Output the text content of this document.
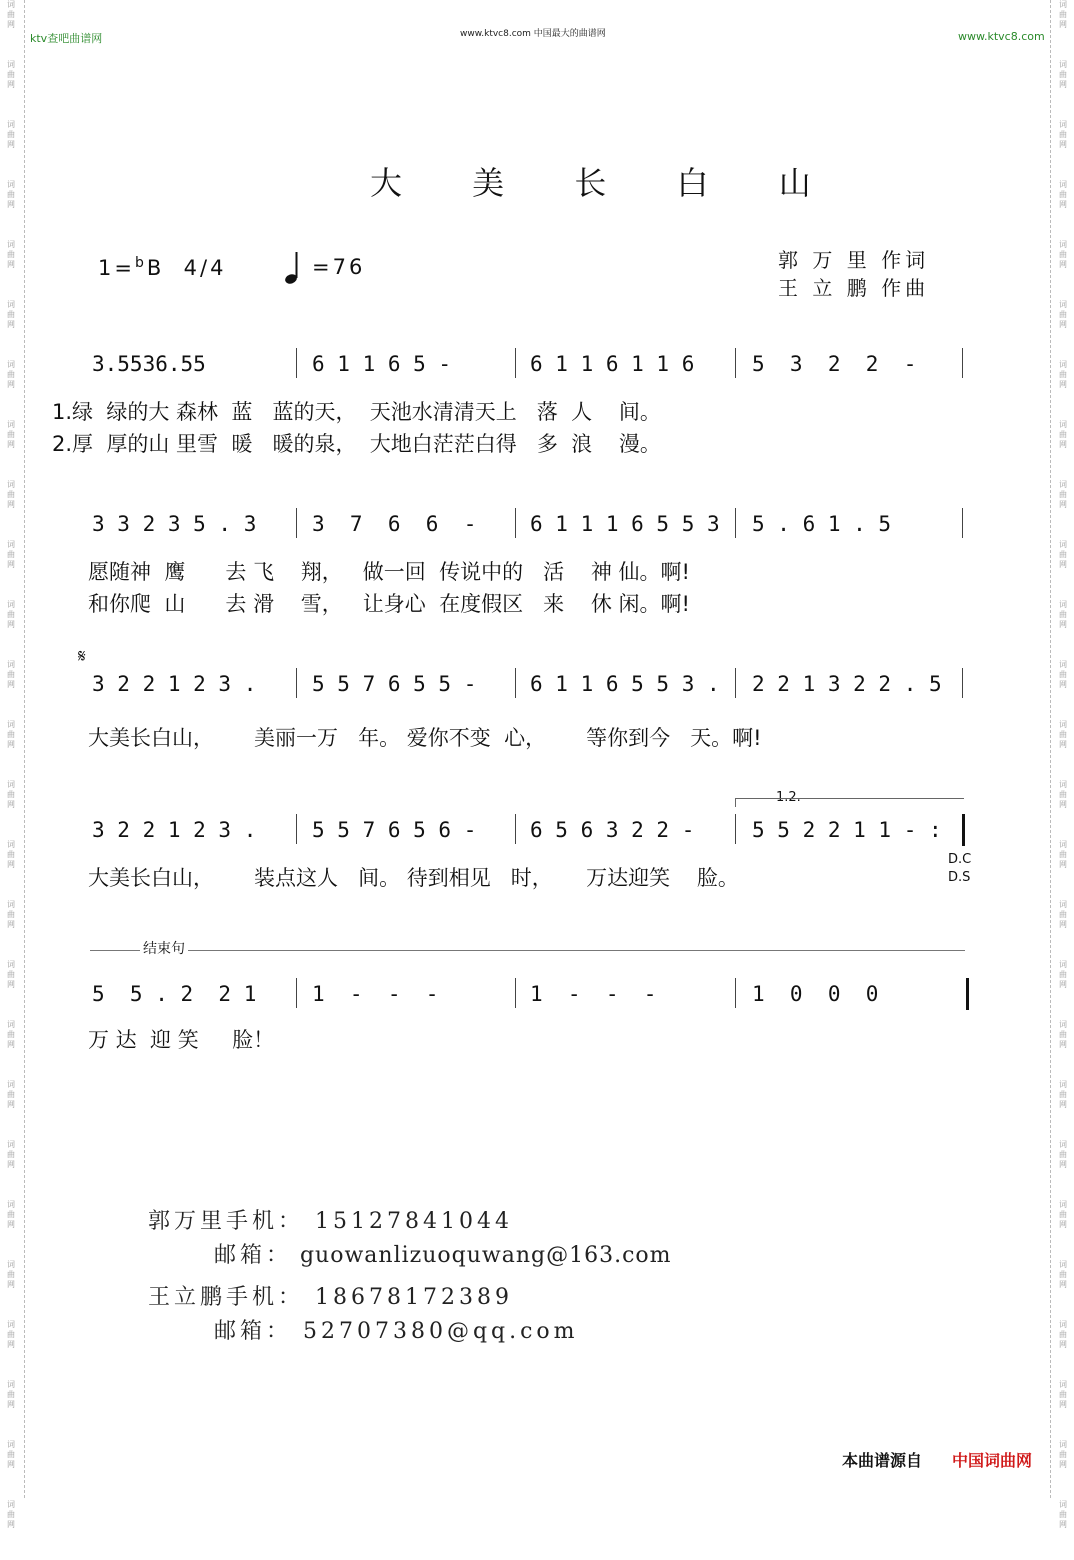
ktv查吧曲谱网	www.ktvc8.com 中国最大的曲谱网	www.ktvc8.com
大 美 长 白 山
1=$^b$B 4/4	=76	郭 万 里 作词
王 立 鹏 作曲
3.5536.55	6 1 1 6 5 -	6 1 1 6 1 1 6	5  3  2  2  -
1.绿  绿的大 森林  蓝   蓝的天，  天池水清清天上   落  人    间。
2.厚  厚的山 里雪  暖   暖的泉，  大地白茫茫白得   多  浪    漫。
3 3 2 3 5 . 3	3  7  6  6  -	6 1 1 1 6 5 5 3 5 . 6 1 . 5
愿随神  鹰      去 飞    翔，   做一回  传说中的   活    神 仙。啊!
和你爬  山      去 滑    雪，   让身心  在度假区   来    休 闲。啊!
𝄋
3 2 2 1 2 3 .	5 5 7 6 5 5 -	6 1 1 6 5 5 3 . 2 2 1 3 2 2 . 5
大美长白山，      美丽一万   年。 爱你不变  心，      等你到今   天。啊!
1.2.
3 2 2 1 2 3 .	5 5 7 6 5 6 -	6 5 6 3 2 2 -	5 5 2 2 1 1 - :
大美长白山，      装点这人   间。 待到相见   时，     万达迎笑    脸。
D.C
D.S
结束句
5  5 . 2  2 1	1  -  -  -	1  -  -  -	1  0  0  0
万 达  迎 笑     脸！
郭万里手机： 15127841044
邮箱： guowanlizuoquwang@163.com
王立鹏手机： 18678172389
邮箱： 52707380@qq.com
本曲谱源自 中国词曲网
词
曲
网
词
曲
网
词
曲
网
词
曲
网
词
曲
网
词
曲
网
词
曲
网
词
曲
网
词
曲
网
词
曲
网
词
曲
网
词
曲
网
词
曲
网
词
曲
网
词
曲
网
词
曲
网
词
曲
网
词
曲
网
词
曲
网
词
曲
网
词
曲
网
词
曲
网
词
曲
网
词
曲
网
词
曲
网
词
曲
网
词
曲
网
词
曲
网
词
曲
网
词
曲
网
词
曲
网
词
曲
网
词
曲
网
词
曲
网
词
曲
网
词
曲
网
词
曲
网
词
曲
网
词
曲
网
词
曲
网
词
曲
网
词
曲
网
词
曲
网
词
曲
网
词
曲
网
词
曲
网
词
曲
网
词
曲
网
词
曲
网
词
曲
网
词
曲
网
词
曲
网
